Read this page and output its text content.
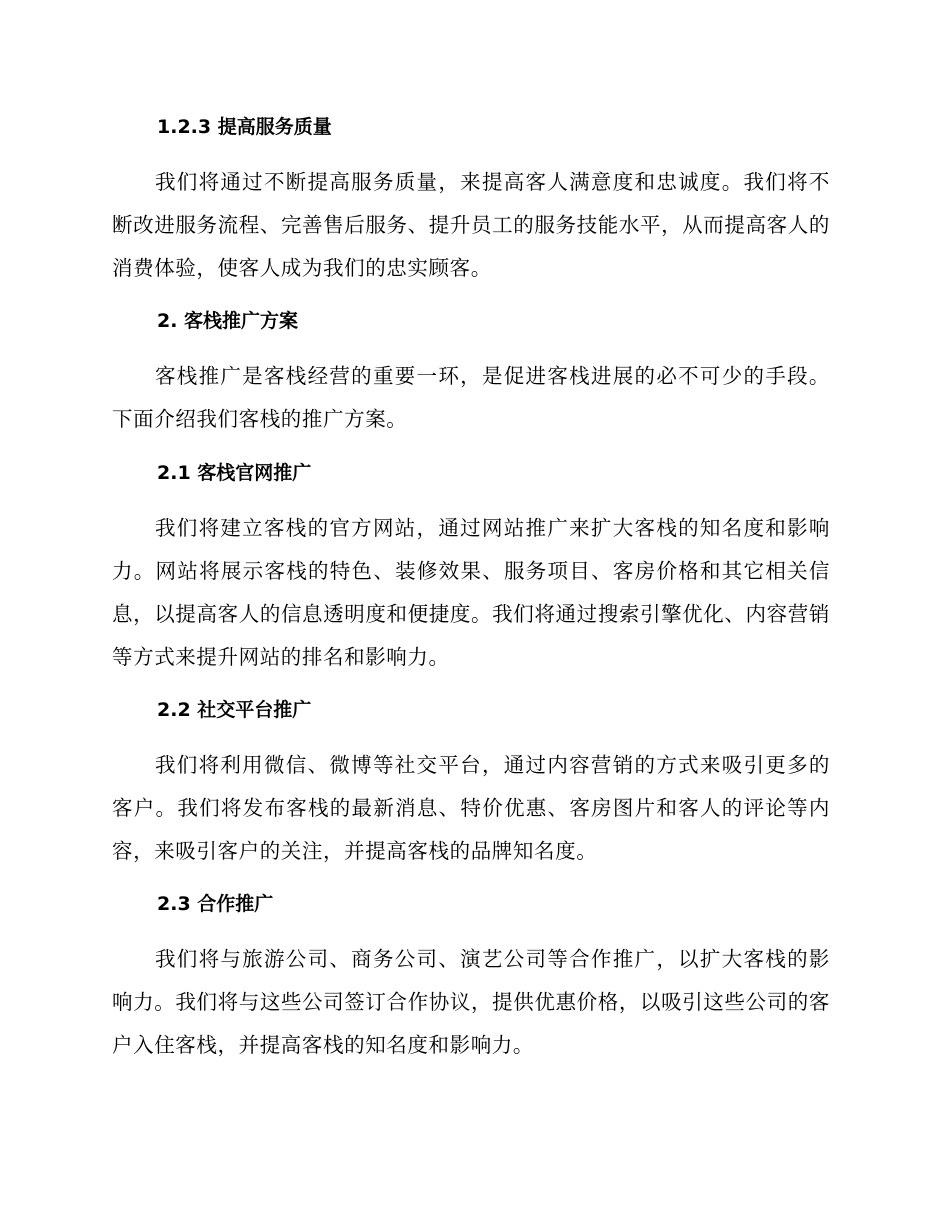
1.2.3 提高服务质量
我们将通过不断提高服务质量，来提高客人满意度和忠诚度。我们将不断改进服务流程、完善售后服务、提升员工的服务技能水平，从而提高客人的消费体验，使客人成为我们的忠实顾客。
2. 客栈推广方案
客栈推广是客栈经营的重要一环，是促进客栈进展的必不可少的手段。下面介绍我们客栈的推广方案。
2.1 客栈官网推广
我们将建立客栈的官方网站，通过网站推广来扩大客栈的知名度和影响力。网站将展示客栈的特色、装修效果、服务项目、客房价格和其它相关信息，以提高客人的信息透明度和便捷度。我们将通过搜索引擎优化、内容营销等方式来提升网站的排名和影响力。
2.2 社交平台推广
我们将利用微信、微博等社交平台，通过内容营销的方式来吸引更多的客户。我们将发布客栈的最新消息、特价优惠、客房图片和客人的评论等内容，来吸引客户的关注，并提高客栈的品牌知名度。
2.3 合作推广
我们将与旅游公司、商务公司、演艺公司等合作推广，以扩大客栈的影响力。我们将与这些公司签订合作协议，提供优惠价格，以吸引这些公司的客户入住客栈，并提高客栈的知名度和影响力。
